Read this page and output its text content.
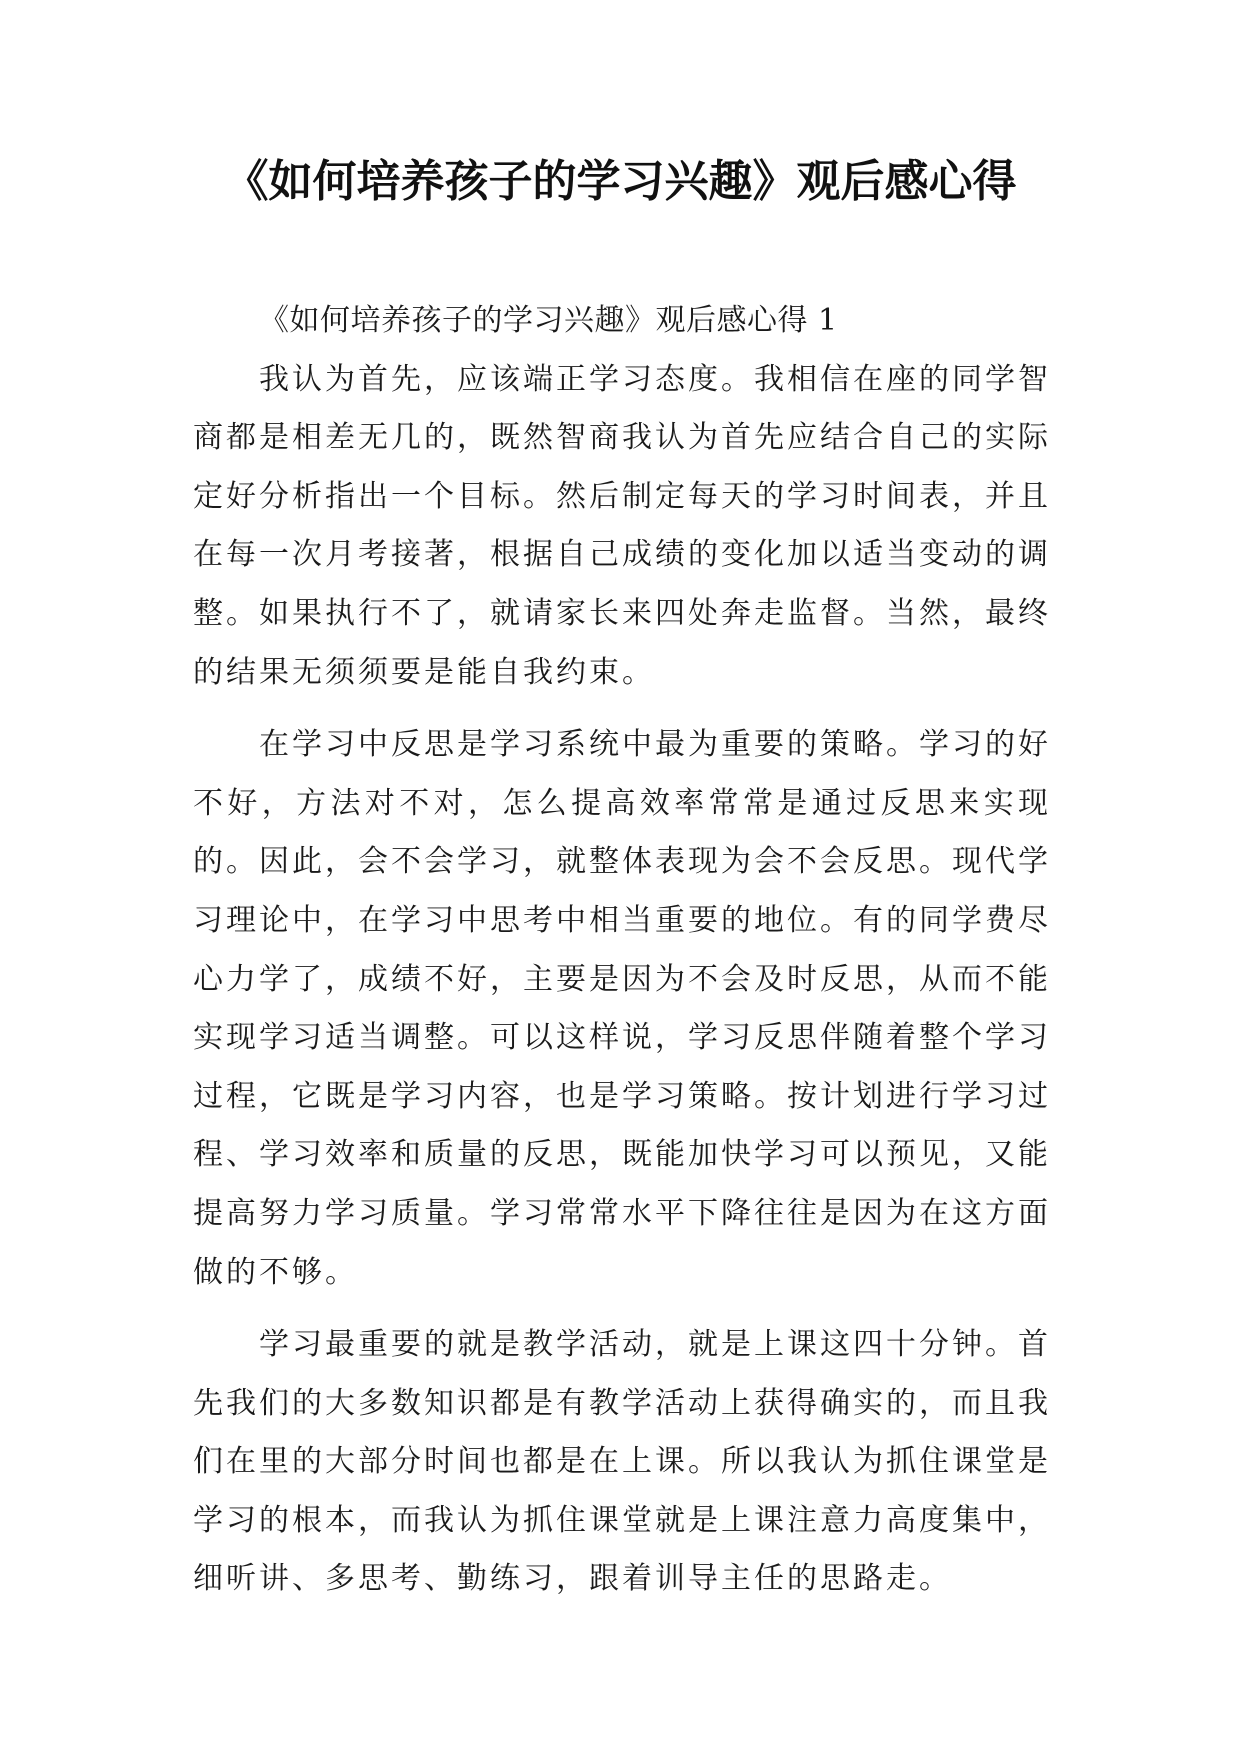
《如何培养孩子的学习兴趣》观后感心得

《如何培养孩子的学习兴趣》观后感心得 1

我认为首先，应该端正学习态度。我相信在座的同学智商都是相差无几的，既然智商我认为首先应结合自己的实际定好分析指出一个目标。然后制定每天的学习时间表，并且在每一次月考接著，根据自己成绩的变化加以适当变动的调整。如果执行不了，就请家长来四处奔走监督。当然，最终的结果无须须要是能自我约束。

在学习中反思是学习系统中最为重要的策略。学习的好不好，方法对不对，怎么提高效率常常是通过反思来实现的。因此，会不会学习，就整体表现为会不会反思。现代学习理论中，在学习中思考中相当重要的地位。有的同学费尽心力学了，成绩不好，主要是因为不会及时反思，从而不能实现学习适当调整。可以这样说，学习反思伴随着整个学习过程，它既是学习内容，也是学习策略。按计划进行学习过程、学习效率和质量的反思，既能加快学习可以预见，又能提高努力学习质量。学习常常水平下降往往是因为在这方面做的不够。

学习最重要的就是教学活动，就是上课这四十分钟。首先我们的大多数知识都是有教学活动上获得确实的，而且我们在里的大部分时间也都是在上课。所以我认为抓住课堂是学习的根本，而我认为抓住课堂就是上课注意力高度集中，细听讲、多思考、勤练习，跟着训导主任的思路走。
